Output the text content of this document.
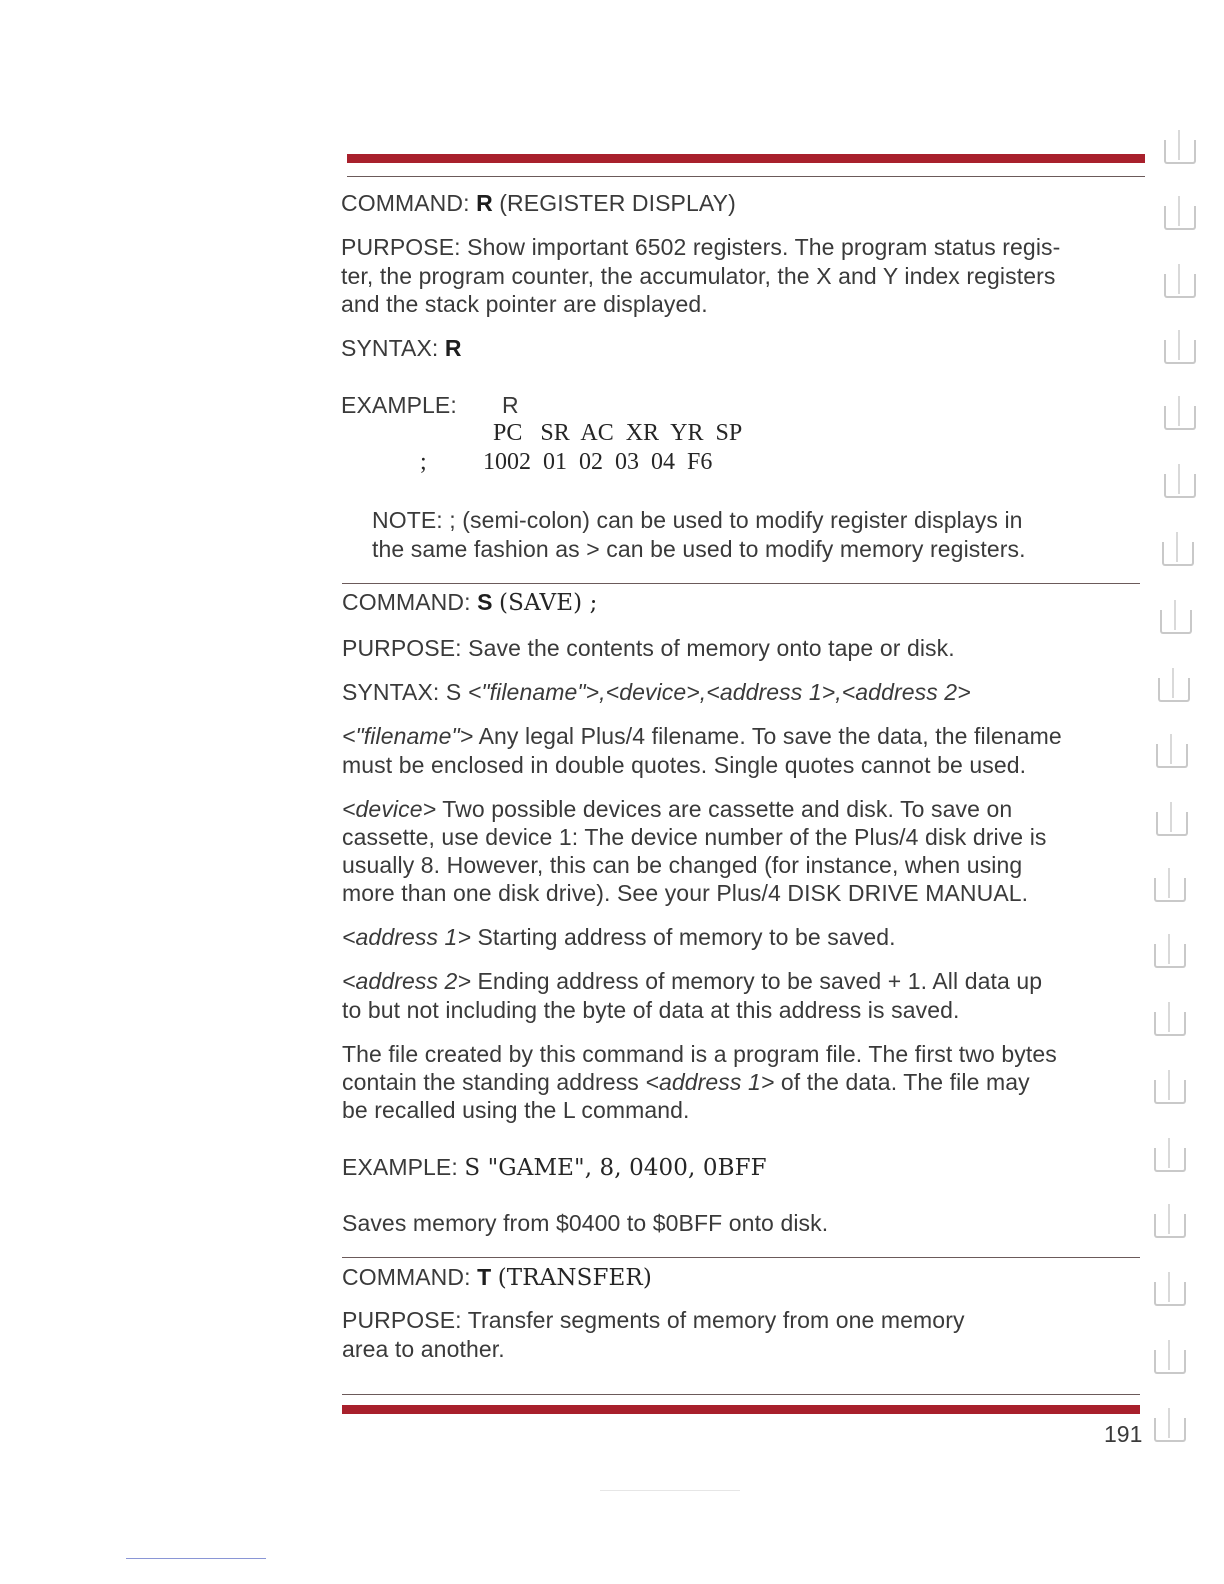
COMMAND: R (REGISTER DISPLAY)
PURPOSE: Show important 6502 registers. The program status regis-
ter, the program counter, the accumulator, the X and Y index registers
and the stack pointer are displayed.
SYNTAX: R
EXAMPLE: R
PC   SR  AC  XR  YR  SP
; 1002  01  02  03  04  F6
NOTE: ; (semi-colon) can be used to modify register displays in
the same fashion as > can be used to modify memory registers.
COMMAND: S (SAVE) ;
PURPOSE: Save the contents of memory onto tape or disk.
SYNTAX: S <"filename">,<device>,<address 1>,<address 2>
<"filename"> Any legal Plus/4 filename. To save the data, the filename
must be enclosed in double quotes. Single quotes cannot be used.
<device> Two possible devices are cassette and disk. To save on
cassette, use device 1: The device number of the Plus/4 disk drive is
usually 8. However, this can be changed (for instance, when using
more than one disk drive). See your Plus/4 DISK DRIVE MANUAL.
<address 1> Starting address of memory to be saved.
<address 2> Ending address of memory to be saved + 1. All data up
to but not including the byte of data at this address is saved.
The file created by this command is a program file. The first two bytes
contain the standing address <address 1> of the data. The file may
be recalled using the L command.
EXAMPLE: S "GAME", 8, 0400, 0BFF
Saves memory from $0400 to $0BFF onto disk.
COMMAND: T (TRANSFER)
PURPOSE: Transfer segments of memory from one memory
area to another.
191
